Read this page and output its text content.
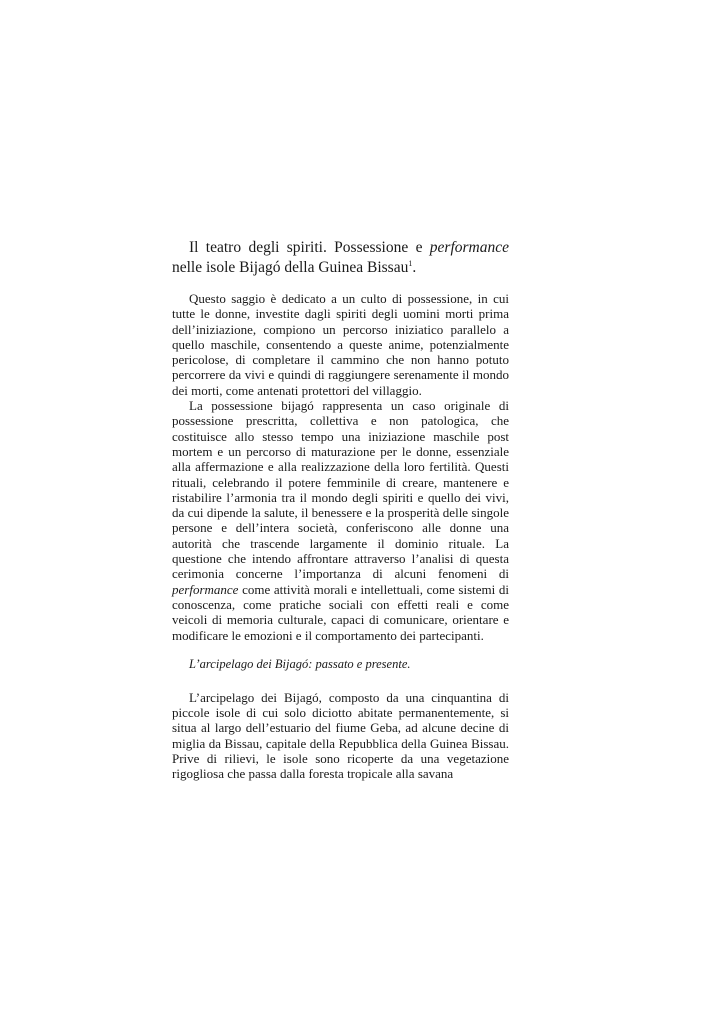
Il teatro degli spiriti. Possessione e performance nelle isole Bijagó della Guinea Bissau$^1$.

Questo saggio è dedicato a un culto di possessione, in cui tutte le donne, investite dagli spiriti degli uomini morti prima dell’iniziazione, compiono un percorso iniziatico parallelo a quello maschile, consentendo a queste anime, potenzialmente pericolose, di completare il cammino che non hanno potuto percorrere da vivi e quindi di raggiungere serenamente il mondo dei morti, come antenati protettori del villaggio.

La possessione bijagó rappresenta un caso originale di possessione prescritta, collettiva e non patologica, che costituisce allo stesso tempo una iniziazione maschile post mortem e un percorso di maturazione per le donne, essenziale alla affermazione e alla realizzazione della loro fertilità. Questi rituali, celebrando il potere femminile di creare, mantenere e ristabilire l’armonia tra il mondo degli spiriti e quello dei vivi, da cui dipende la salute, il benessere e la prosperità delle singole persone e dell’intera società, conferiscono alle donne una autorità che trascende largamente il dominio rituale. La questione che intendo affrontare attraverso l’analisi di questa cerimonia concerne l’importanza di alcuni fenomeni di performance come attività morali e intellettuali, come sistemi di conoscenza, come pratiche sociali con effetti reali e come veicoli di memoria culturale, capaci di comunicare, orientare e modificare le emozioni e il comportamento dei partecipanti.

L’arcipelago dei Bijagó: passato e presente.

L’arcipelago dei Bijagó, composto da una cinquantina di piccole isole di cui solo diciotto abitate permanentemente, si situa al largo dell’estuario del fiume Geba, ad alcune decine di miglia da Bissau, capitale della Repubblica della Guinea Bissau. Prive di rilievi, le isole sono ricoperte da una vegetazione rigogliosa che passa dalla foresta tropicale alla savana
